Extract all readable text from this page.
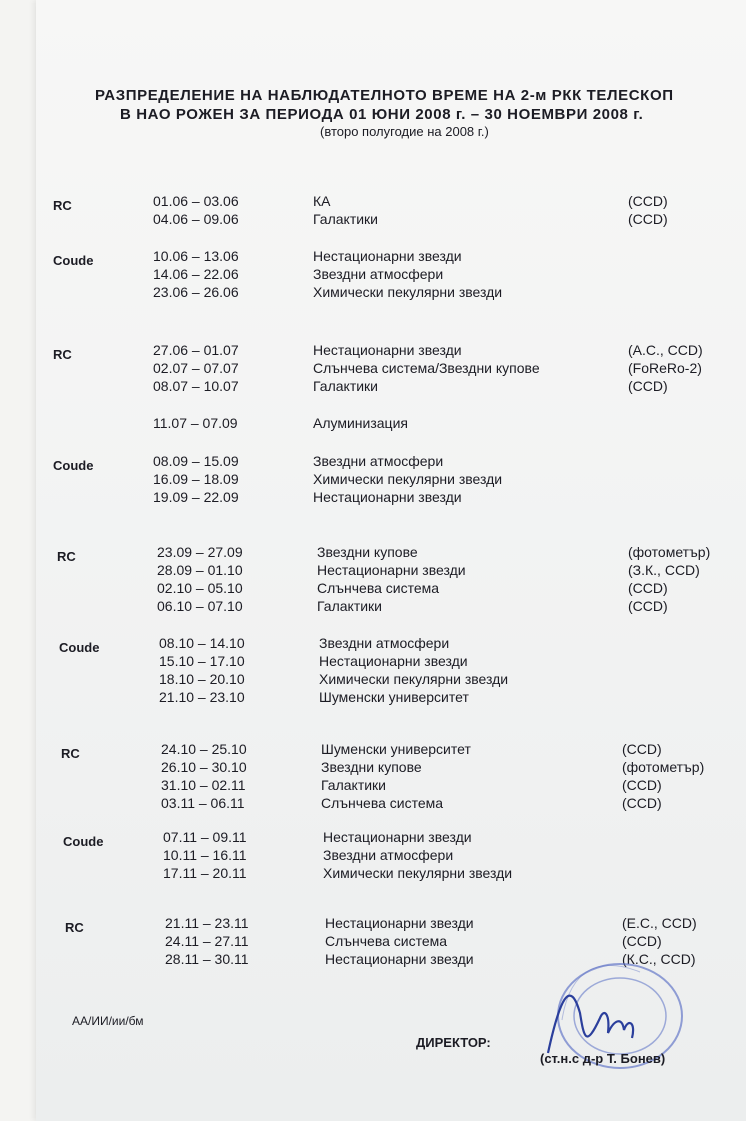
РАЗПРЕДЕЛЕНИЕ НА НАБЛЮДАТЕЛНОТО ВРЕМЕ НА 2-м РКК ТЕЛЕСКОП
В НАО РОЖЕН ЗА ПЕРИОДА 01 ЮНИ 2008 г. – 30 НОЕМВРИ 2008 г.
(второ полугодие на 2008 г.)
RC	01.06 – 03.06	КА	(CCD)
04.06 – 09.06	Галактики	(CCD)
Coude	10.06 – 13.06	Нестационарни звезди
14.06 – 22.06	Звездни атмосфери
23.06 – 26.06	Химически пекулярни звезди
RC	27.06 – 01.07	Нестационарни звезди	(А.С., CCD)
02.07 – 07.07	Слънчева система/Звездни купове	(FoReRo-2)
08.07 – 10.07	Галактики	(CCD)
11.07 – 07.09	Алуминизация
Coude	08.09 – 15.09	Звездни атмосфери
16.09 – 18.09	Химически пекулярни звезди
19.09 – 22.09	Нестационарни звезди
RC	23.09 – 27.09	Звездни купове	(фотометър)
28.09 – 01.10	Нестационарни звезди	(З.К., CCD)
02.10 – 05.10	Слънчева система	(CCD)
06.10 – 07.10	Галактики	(CCD)
Coude	08.10 – 14.10	Звездни атмосфери
15.10 – 17.10	Нестационарни звезди
18.10 – 20.10	Химически пекулярни звезди
21.10 – 23.10	Шуменски университет
RC	24.10 – 25.10	Шуменски университет	(CCD)
26.10 – 30.10	Звездни купове	(фотометър)
31.10 – 02.11	Галактики	(CCD)
03.11 – 06.11	Слънчева система	(CCD)
Coude	07.11 – 09.11	Нестационарни звезди
10.11 – 16.11	Звездни атмосфери
17.11 – 20.11	Химически пекулярни звезди
RC	21.11 – 23.11	Нестационарни звезди	(Е.С., CCD)
24.11 – 27.11	Слънчева система	(CCD)
28.11 – 30.11	Нестационарни звезди	(К.С., CCD)
АА/ИИ/ии/бм
ДИРЕКТОР:
(ст.н.с д-р Т. Бонев)
